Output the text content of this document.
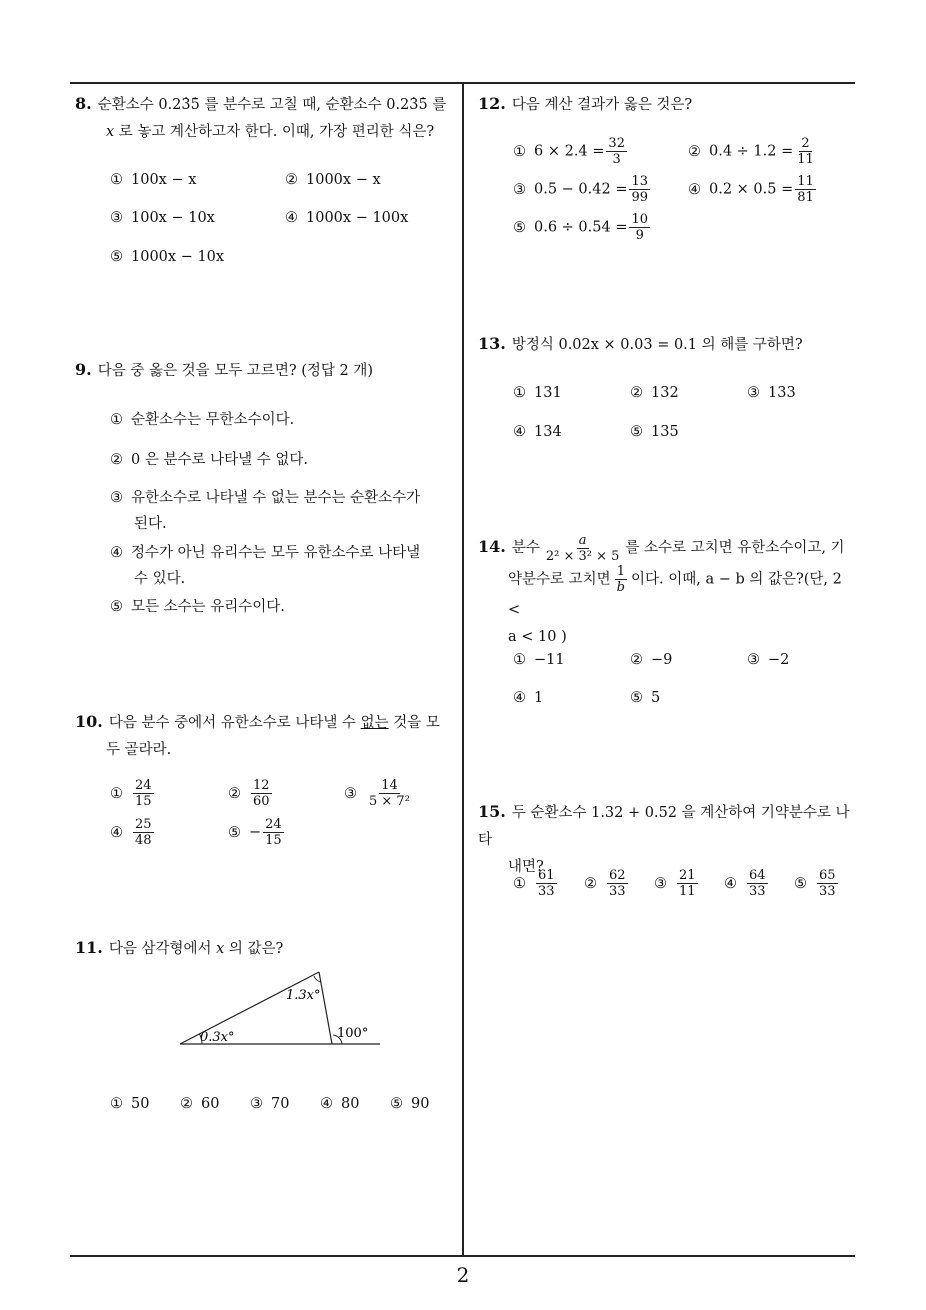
8. 순환소수 0.23 ·5 · 를 분수로 고칠 때, 순환소수 0.23 ·5 · 를
x 로 놓고 계산하고자 한다. 이때, 가장 편리한 식은?
① 100x − x	② 1000x − x
③ 100x − 10x	④ 1000x − 100x
⑤ 1000x − 10x
9. 다음 중 옳은 것을 모두 고르면? (정답 2 개)
① 순환소수는 무한소수이다.
② 0 은 분수로 나타낼 수 없다.
③ 유한소수로 나타낼 수 없는 분수는 순환소수가
된다.
④ 정수가 아닌 유리수는 모두 유한소수로 나타낼
수 있다.
⑤ 모든 소수는 유리수이다.
10. 다음 분수 중에서 유한소수로 나타낼 수 없는 것을 모
두 골라라.
① $\frac{24}{15}$	② $\frac{12}{60}$	③ $\frac{14}{\text{5 × 7²}}$
④ $\frac{25}{48}$	⑤ − $\frac{24}{15}$
11. 다음 삼각형에서 x 의 값은?
1.3x°
0.3x°	100°
① 50 ② 60 ③ 70 ④ 80 ⑤ 90
12. 다음 계산 결과가 옳은 것은?
① $6 \times 2.4 = \frac{32}{3}$	② $0.4 \div 1.2 = \frac{2}{11}$
③ $0.5 - 0.42 = \frac{13}{99}$	④ $0.2 \times 0.5 = \frac{11}{81}$
⑤ $0.6 \div 0.54 = \frac{10}{9}$
13. 방정식 0.02x × 0.03 = 0.1 의 해를 구하면?
① 131	② 132	③ 133
④ 134	⑤ 135
14. 분수 $\frac{a}{\text{2² × 3² × 5}}$ 를 소수로 고치면 유한소수이고, 기
약분수로 고치면 $\frac{1}{b}$ 이다. 이때, a − b 의 값은?(단, 2 <
a < 10 )
① −11	② −9	③ −2
④ 1	⑤ 5
15. 두 순환소수 1.32 + 0.52 을 계산하여 기약분수로 나타
내면?
① $\frac{61}{33}$ ② $\frac{62}{33}$ ③ $\frac{21}{11}$ ④ $\frac{64}{33}$ ⑤ $\frac{65}{33}$
2
